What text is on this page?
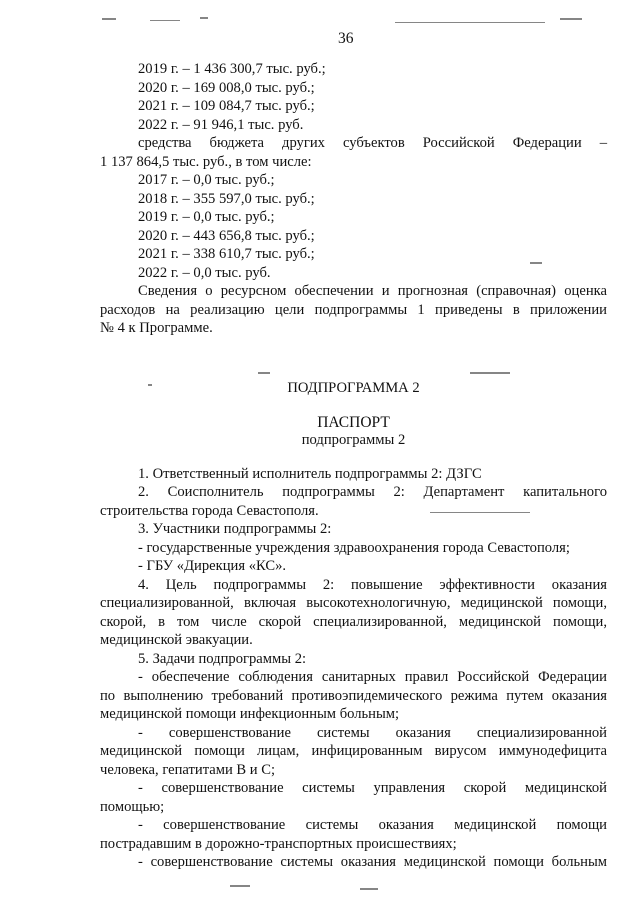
36
2019 г. – 1 436 300,7 тыс. руб.;
2020 г. – 169 008,0 тыс. руб.;
2021 г. – 109 084,7 тыс. руб.;
2022 г. – 91 946,1 тыс. руб.
средства бюджета других субъектов Российской Федерации –
1 137 864,5 тыс. руб., в том числе:
2017 г. – 0,0 тыс. руб.;
2018 г. – 355 597,0 тыс. руб.;
2019 г. – 0,0 тыс. руб.;
2020 г. – 443 656,8 тыс. руб.;
2021 г. – 338 610,7 тыс. руб.;
2022 г. – 0,0 тыс. руб.
Сведения о ресурсном обеспечении и прогнозная (справочная) оценка
расходов на реализацию цели подпрограммы 1 приведены в приложении
№ 4 к Программе.
ПОДПРОГРАММА 2
ПАСПОРТ
подпрограммы 2
1. Ответственный исполнитель подпрограммы 2: ДЗГС
2. Соисполнитель подпрограммы 2: Департамент капитального
строительства города Севастополя.
3. Участники подпрограммы 2:
- государственные учреждения здравоохранения города Севастополя;
- ГБУ «Дирекция «КС».
4. Цель подпрограммы 2: повышение эффективности оказания
специализированной, включая высокотехнологичную, медицинской помощи,
скорой, в том числе скорой специализированной, медицинской помощи,
медицинской эвакуации.
5. Задачи подпрограммы 2:
- обеспечение соблюдения санитарных правил Российской Федерации
по выполнению требований противоэпидемического режима путем оказания
медицинской помощи инфекционным больным;
- совершенствование системы оказания специализированной
медицинской помощи лицам, инфицированным вирусом иммунодефицита
человека, гепатитами В и С;
- совершенствование системы управления скорой медицинской
помощью;
- совершенствование системы оказания медицинской помощи
пострадавшим в дорожно-транспортных происшествиях;
- совершенствование системы оказания медицинской помощи больным
